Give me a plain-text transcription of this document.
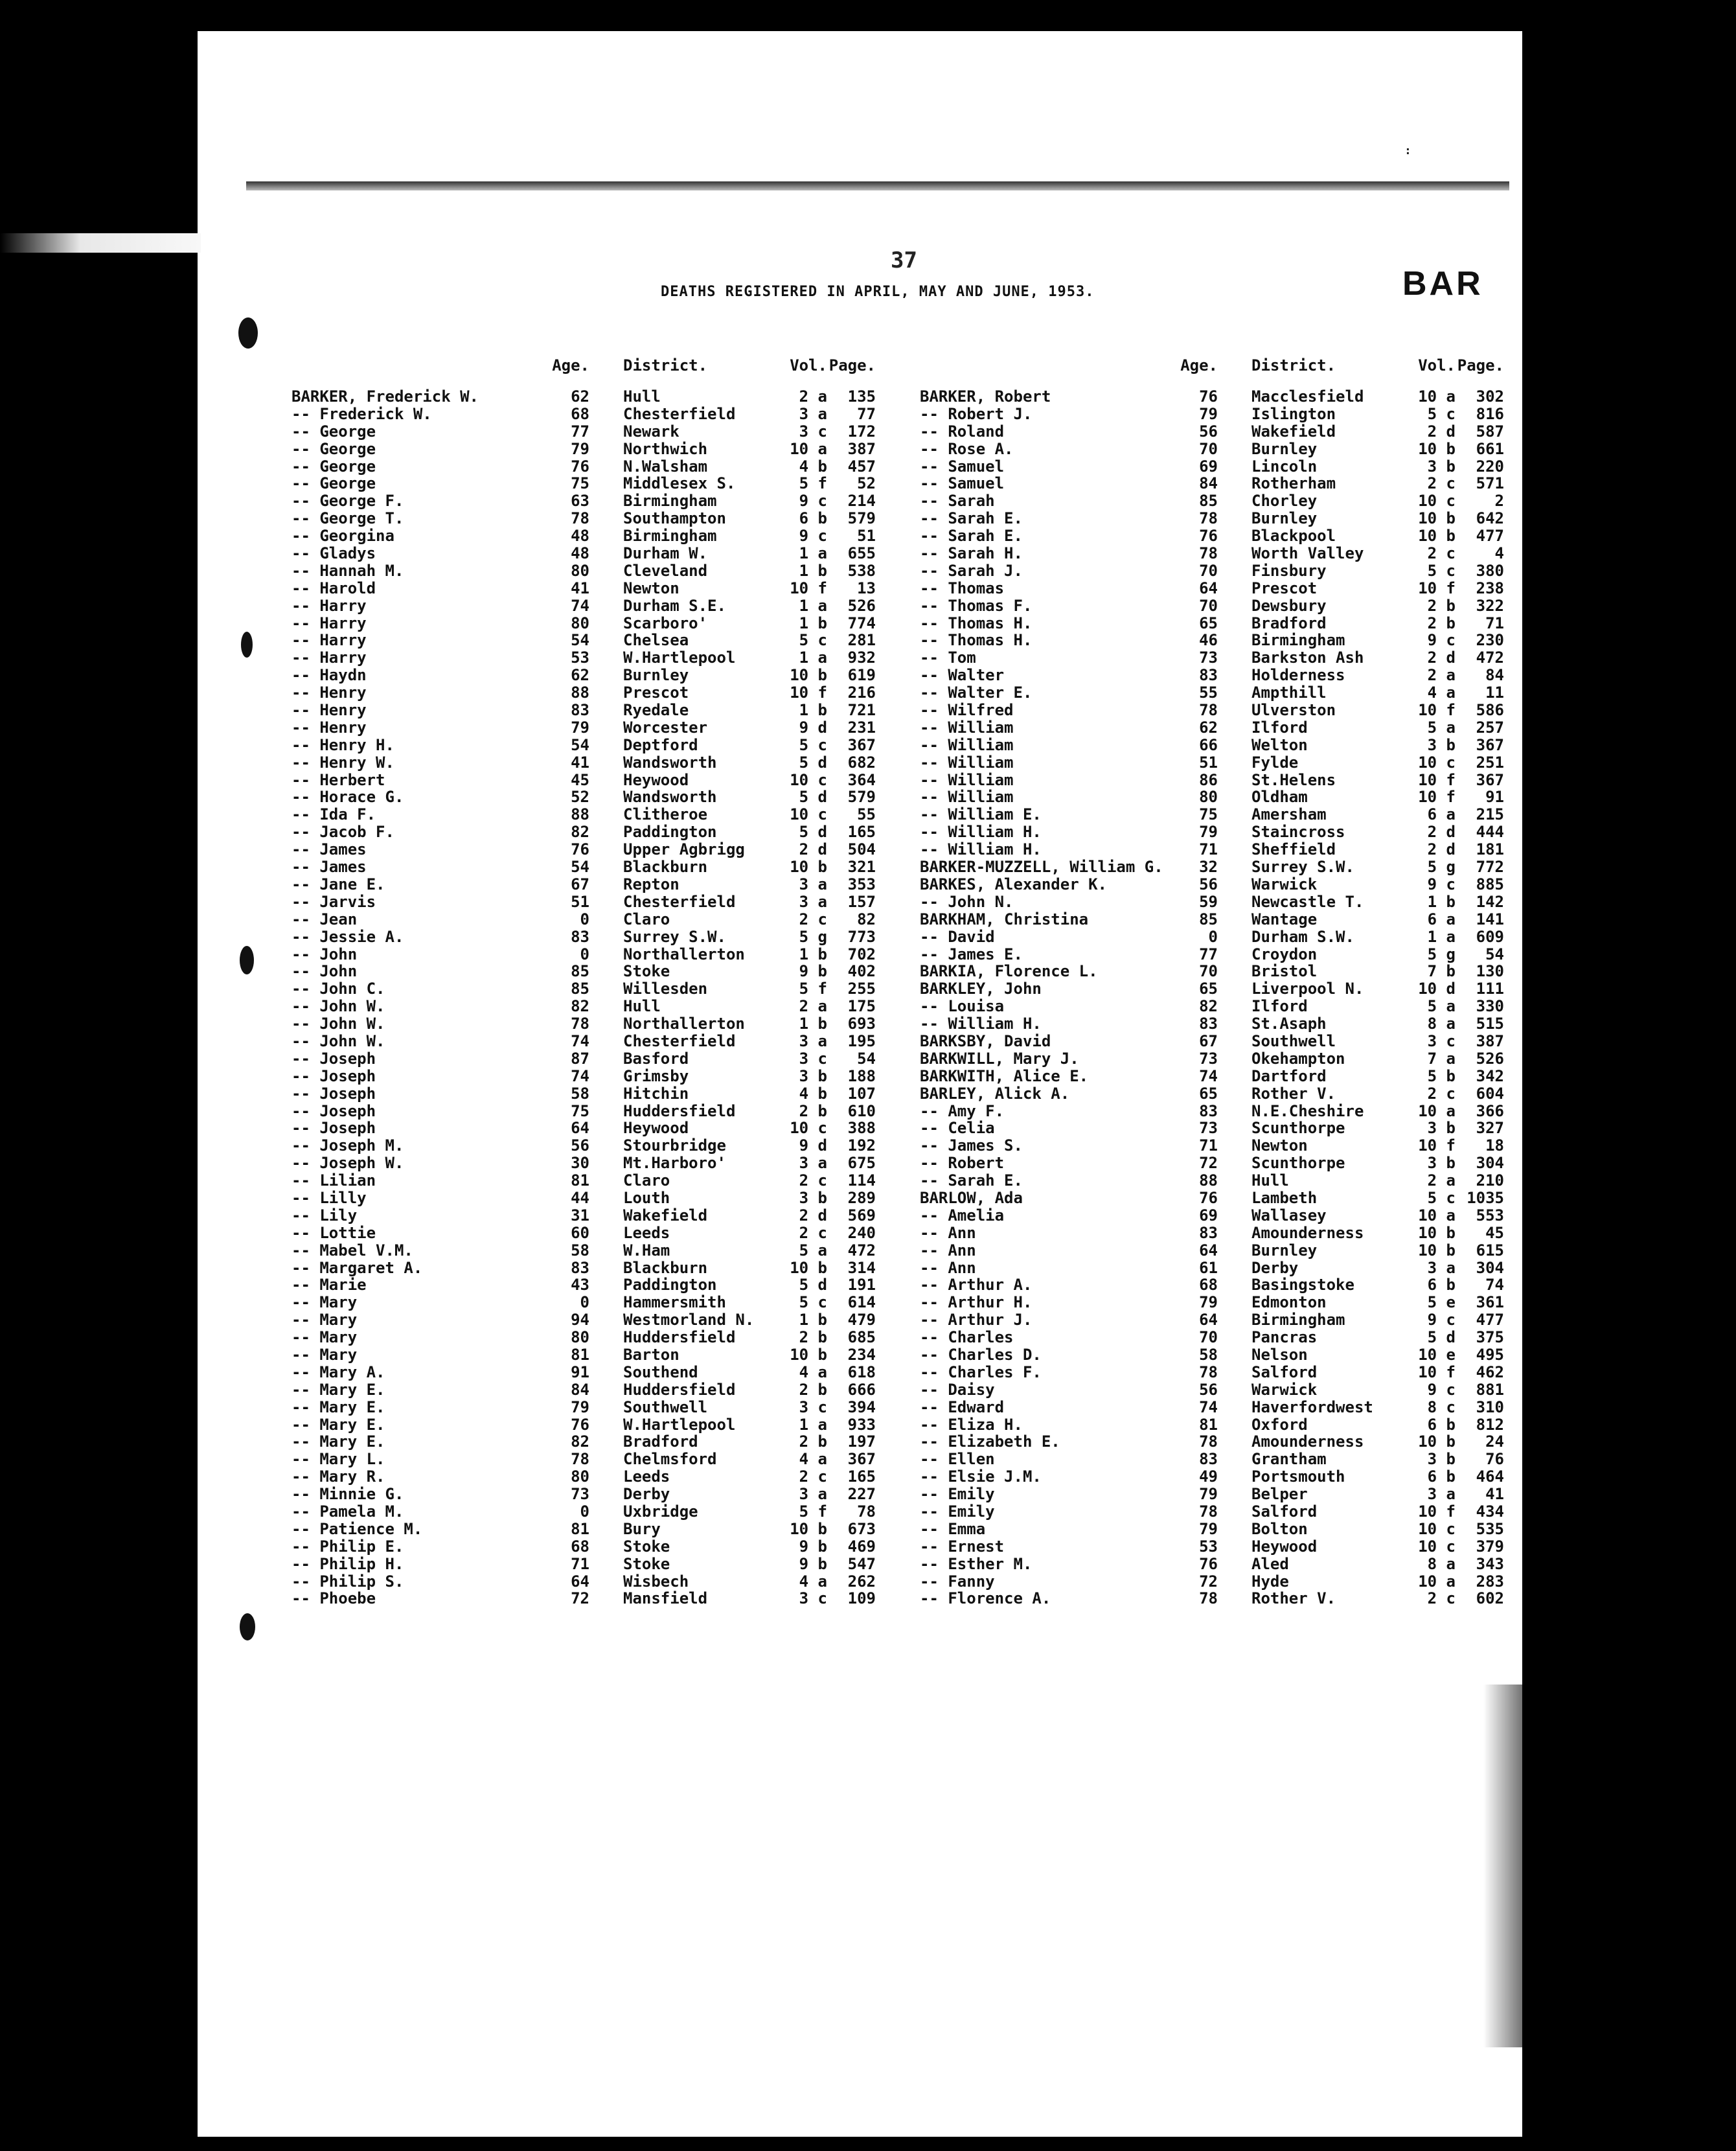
:
37
DEATHS REGISTERED IN APRIL, MAY AND JUNE, 1953.	BAR
Age.	District.	Vol. Page.
BARKER, Frederick W.	62	Hull	2 a	135
-- Frederick W.	68	Chesterfield	3 a	77
-- George	77	Newark	3 c	172
-- George	79	Northwich	10 a	387
-- George	76	N.Walsham	4 b	457
-- George	75	Middlesex S.	5 f	52
-- George F.	63	Birmingham	9 c	214
-- George T.	78	Southampton	6 b	579
-- Georgina	48	Birmingham	9 c	51
-- Gladys	48	Durham W.	1 a	655
-- Hannah M.	80	Cleveland	1 b	538
-- Harold	41	Newton	10 f	13
-- Harry	74	Durham S.E.	1 a	526
-- Harry	80	Scarboro'	1 b	774
-- Harry	54	Chelsea	5 c	281
-- Harry	53	W.Hartlepool	1 a	932
-- Haydn	62	Burnley	10 b	619
-- Henry	88	Prescot	10 f	216
-- Henry	83	Ryedale	1 b	721
-- Henry	79	Worcester	9 d	231
-- Henry H.	54	Deptford	5 c	367
-- Henry W.	41	Wandsworth	5 d	682
-- Herbert	45	Heywood	10 c	364
-- Horace G.	52	Wandsworth	5 d	579
-- Ida F.	88	Clitheroe	10 c	55
-- Jacob F.	82	Paddington	5 d	165
-- James	76	Upper Agbrigg	2 d	504
-- James	54	Blackburn	10 b	321
-- Jane E.	67	Repton	3 a	353
-- Jarvis	51	Chesterfield	3 a	157
-- Jean	0	Claro	2 c	82
-- Jessie A.	83	Surrey S.W.	5 g	773
-- John	0	Northallerton	1 b	702
-- John	85	Stoke	9 b	402
-- John C.	85	Willesden	5 f	255
-- John W.	82	Hull	2 a	175
-- John W.	78	Northallerton	1 b	693
-- John W.	74	Chesterfield	3 a	195
-- Joseph	87	Basford	3 c	54
-- Joseph	74	Grimsby	3 b	188
-- Joseph	58	Hitchin	4 b	107
-- Joseph	75	Huddersfield	2 b	610
-- Joseph	64	Heywood	10 c	388
-- Joseph M.	56	Stourbridge	9 d	192
-- Joseph W.	30	Mt.Harboro'	3 a	675
-- Lilian	81	Claro	2 c	114
-- Lilly	44	Louth	3 b	289
-- Lily	31	Wakefield	2 d	569
-- Lottie	60	Leeds	2 c	240
-- Mabel V.M.	58	W.Ham	5 a	472
-- Margaret A.	83	Blackburn	10 b	314
-- Marie	43	Paddington	5 d	191
-- Mary	0	Hammersmith	5 c	614
-- Mary	94	Westmorland N.	1 b	479
-- Mary	80	Huddersfield	2 b	685
-- Mary	81	Barton	10 b	234
-- Mary A.	91	Southend	4 a	618
-- Mary E.	84	Huddersfield	2 b	666
-- Mary E.	79	Southwell	3 c	394
-- Mary E.	76	W.Hartlepool	1 a	933
-- Mary E.	82	Bradford	2 b	197
-- Mary L.	78	Chelmsford	4 a	367
-- Mary R.	80	Leeds	2 c	165
-- Minnie G.	73	Derby	3 a	227
-- Pamela M.	0	Uxbridge	5 f	78
-- Patience M.	81	Bury	10 b	673
-- Philip E.	68	Stoke	9 b	469
-- Philip H.	71	Stoke	9 b	547
-- Philip S.	64	Wisbech	4 a	262
-- Phoebe	72	Mansfield	3 c	109
Age.	District.	Vol. Page.
BARKER, Robert	76	Macclesfield	10 a	302
-- Robert J.	79	Islington	5 c	816
-- Roland	56	Wakefield	2 d	587
-- Rose A.	70	Burnley	10 b	661
-- Samuel	69	Lincoln	3 b	220
-- Samuel	84	Rotherham	2 c	571
-- Sarah	85	Chorley	10 c	2
-- Sarah E.	78	Burnley	10 b	642
-- Sarah E.	76	Blackpool	10 b	477
-- Sarah H.	78	Worth Valley	2 c	4
-- Sarah J.	70	Finsbury	5 c	380
-- Thomas	64	Prescot	10 f	238
-- Thomas F.	70	Dewsbury	2 b	322
-- Thomas H.	65	Bradford	2 b	71
-- Thomas H.	46	Birmingham	9 c	230
-- Tom	73	Barkston Ash	2 d	472
-- Walter	83	Holderness	2 a	84
-- Walter E.	55	Ampthill	4 a	11
-- Wilfred	78	Ulverston	10 f	586
-- William	62	Ilford	5 a	257
-- William	66	Welton	3 b	367
-- William	51	Fylde	10 c	251
-- William	86	St.Helens	10 f	367
-- William	80	Oldham	10 f	91
-- William E.	75	Amersham	6 a	215
-- William H.	79	Staincross	2 d	444
-- William H.	71	Sheffield	2 d	181
BARKER-MUZZELL, William G.	32	Surrey S.W.	5 g	772
BARKES, Alexander K.	56	Warwick	9 c	885
-- John N.	59	Newcastle T.	1 b	142
BARKHAM, Christina	85	Wantage	6 a	141
-- David	0	Durham S.W.	1 a	609
-- James E.	77	Croydon	5 g	54
BARKIA, Florence L.	70	Bristol	7 b	130
BARKLEY, John	65	Liverpool N.	10 d	111
-- Louisa	82	Ilford	5 a	330
-- William H.	83	St.Asaph	8 a	515
BARKSBY, David	67	Southwell	3 c	387
BARKWILL, Mary J.	73	Okehampton	7 a	526
BARKWITH, Alice E.	74	Dartford	5 b	342
BARLEY, Alick A.	65	Rother V.	2 c	604
-- Amy F.	83	N.E.Cheshire	10 a	366
-- Celia	73	Scunthorpe	3 b	327
-- James S.	71	Newton	10 f	18
-- Robert	72	Scunthorpe	3 b	304
-- Sarah E.	88	Hull	2 a	210
BARLOW, Ada	76	Lambeth	5 c 1035
-- Amelia	69	Wallasey	10 a	553
-- Ann	83	Amounderness	10 b	45
-- Ann	64	Burnley	10 b	615
-- Ann	61	Derby	3 a	304
-- Arthur A.	68	Basingstoke	6 b	74
-- Arthur H.	79	Edmonton	5 e	361
-- Arthur J.	64	Birmingham	9 c	477
-- Charles	70	Pancras	5 d	375
-- Charles D.	58	Nelson	10 e	495
-- Charles F.	78	Salford	10 f	462
-- Daisy	56	Warwick	9 c	881
-- Edward	74	Haverfordwest	8 c	310
-- Eliza H.	81	Oxford	6 b	812
-- Elizabeth E.	78	Amounderness	10 b	24
-- Ellen	83	Grantham	3 b	76
-- Elsie J.M.	49	Portsmouth	6 b	464
-- Emily	79	Belper	3 a	41
-- Emily	78	Salford	10 f	434
-- Emma	79	Bolton	10 c	535
-- Ernest	53	Heywood	10 c	379
-- Esther M.	76	Aled	8 a	343
-- Fanny	72	Hyde	10 a	283
-- Florence A.	78	Rother V.	2 c	602
